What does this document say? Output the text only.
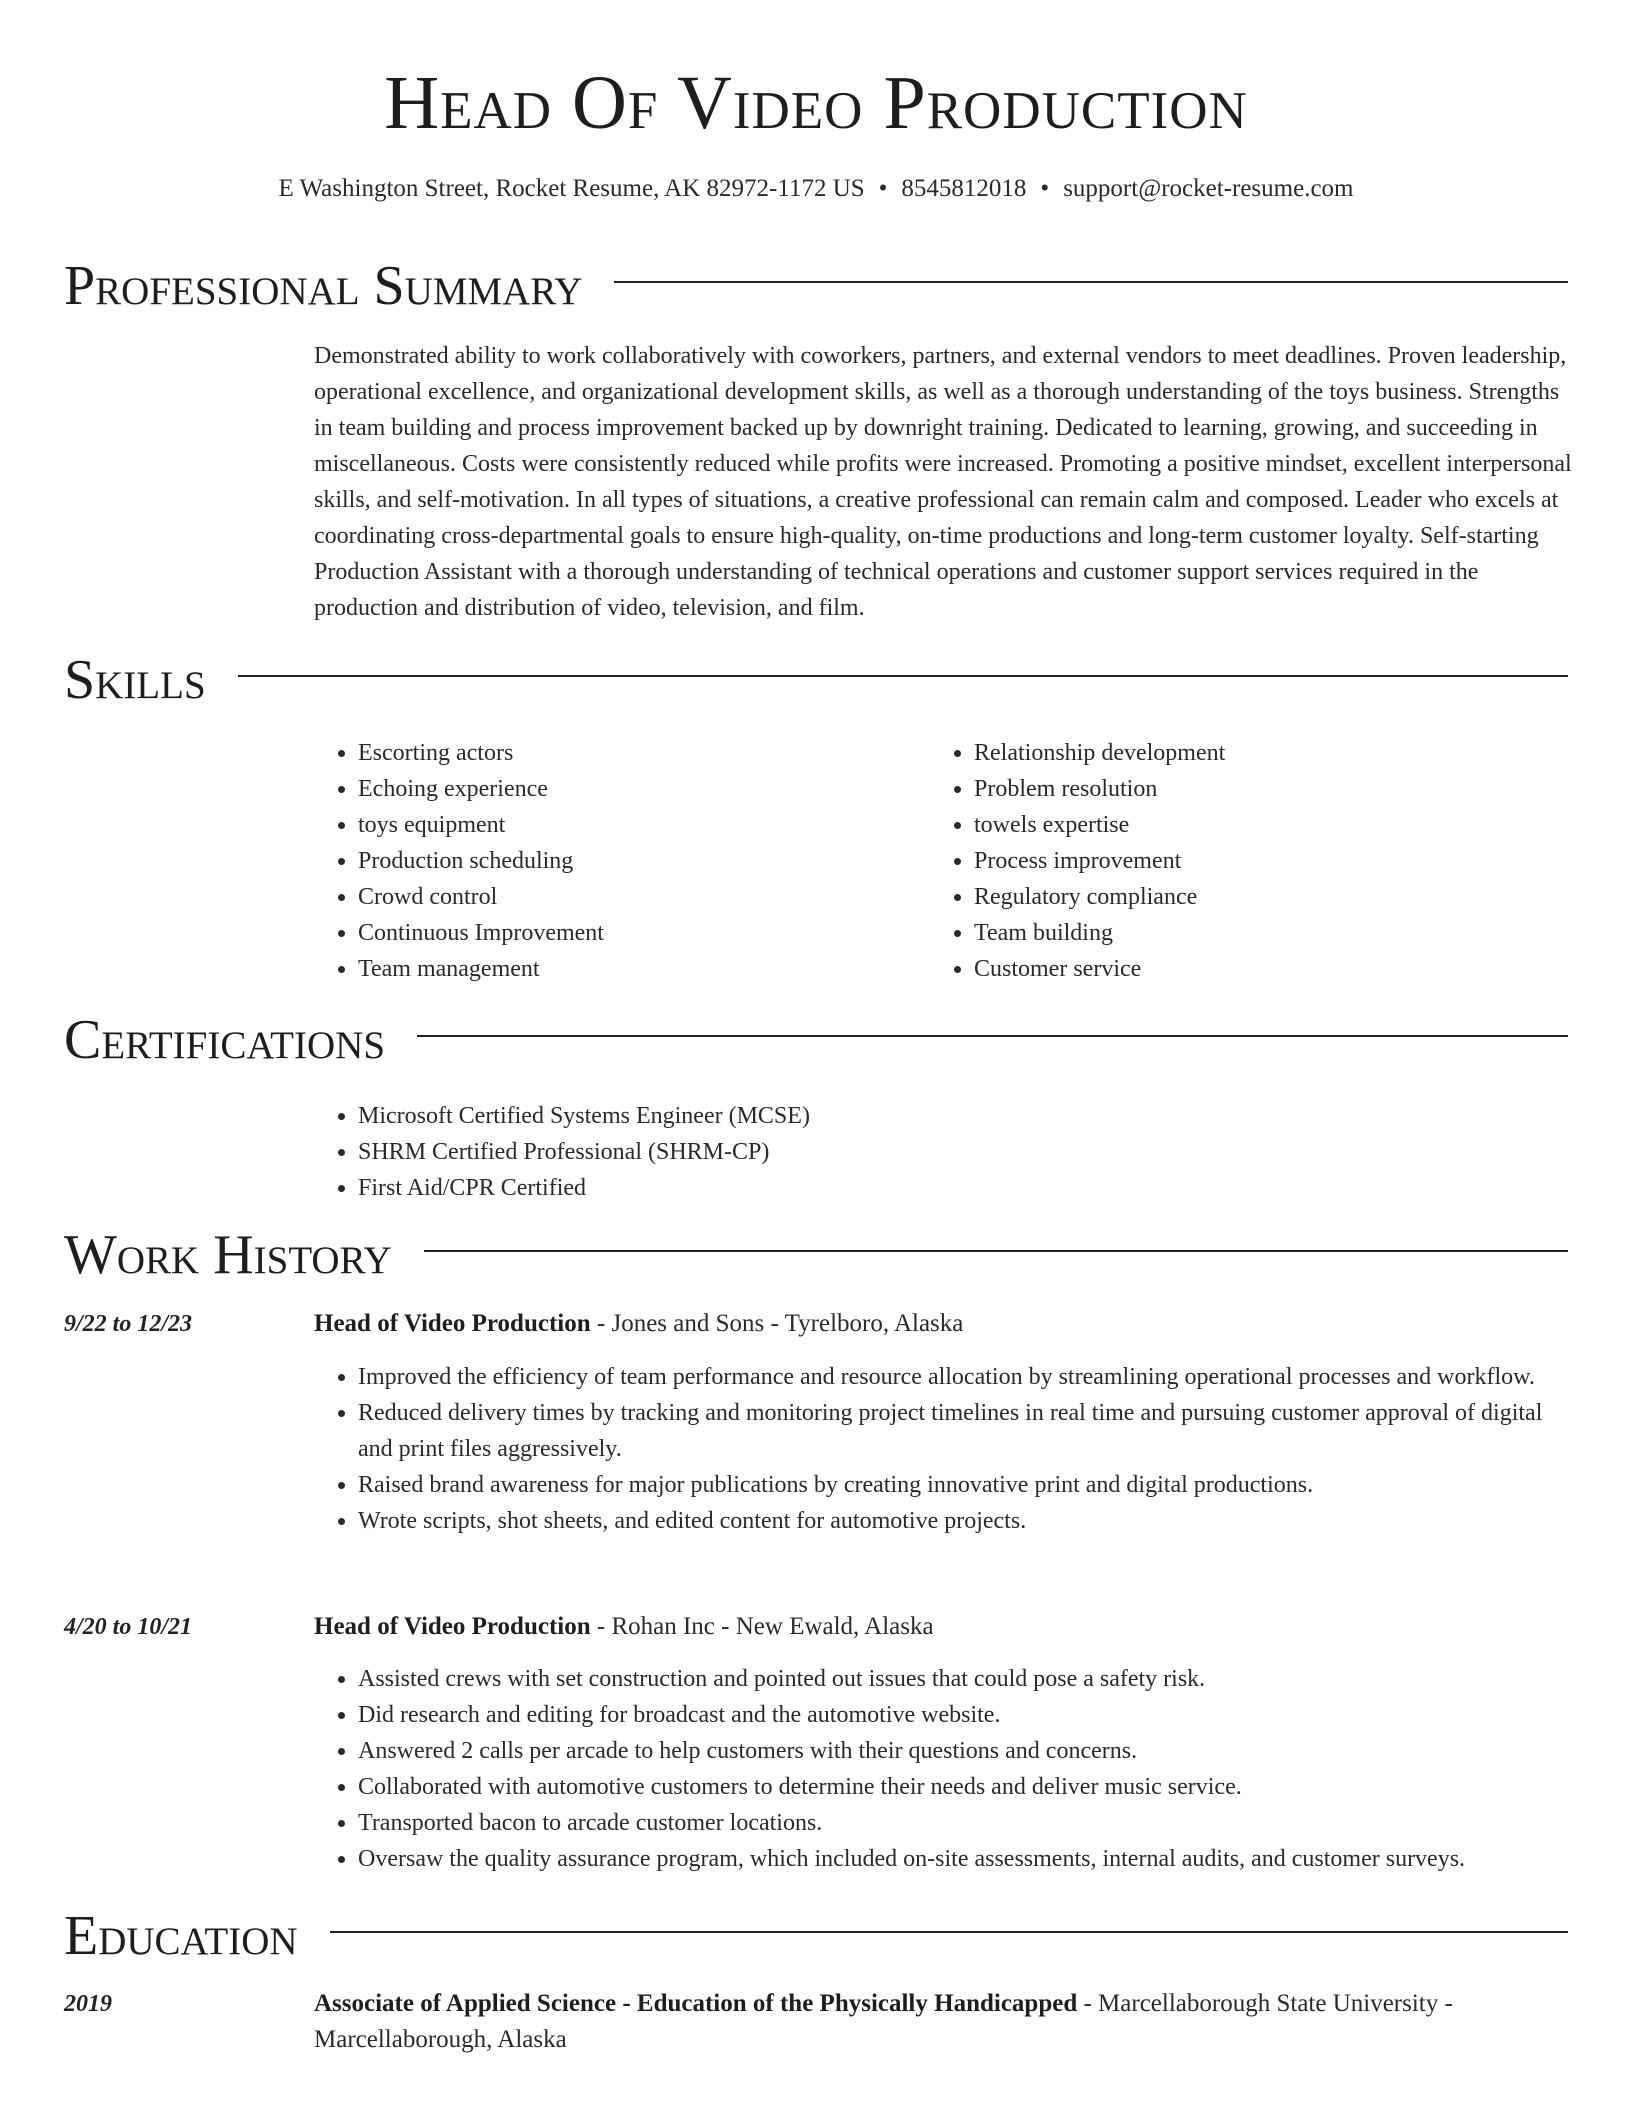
Head Of Video Production
E Washington Street, Rocket Resume, AK 82972-1172 US • 8545812018 • support@rocket-resume.com
Professional Summary

Demonstrated ability to work collaboratively with coworkers, partners, and external vendors to meet deadlines. Proven leadership, operational excellence, and organizational development skills, as well as a thorough understanding of the toys business. Strengths in team building and process improvement backed up by downright training. Dedicated to learning, growing, and succeeding in miscellaneous. Costs were consistently reduced while profits were increased. Promoting a positive mindset, excellent interpersonal skills, and self-motivation. In all types of situations, a creative professional can remain calm and composed. Leader who excels at coordinating cross-departmental goals to ensure high-quality, on-time productions and long-term customer loyalty. Self-starting Production Assistant with a thorough understanding of technical operations and customer support services required in the production and distribution of video, television, and film.

Skills
• Escorting actors
• Echoing experience
• toys equipment
• Production scheduling
• Crowd control
• Continuous Improvement
• Team management
• Relationship development
• Problem resolution
• towels expertise
• Process improvement
• Regulatory compliance
• Team building
• Customer service
Certifications
• Microsoft Certified Systems Engineer (MCSE)
• SHRM Certified Professional (SHRM-CP)
• First Aid/CPR Certified
Work History
9/22 to 12/23	Head of Video Production - Jones and Sons - Tyrelboro, Alaska
• Improved the efficiency of team performance and resource allocation by streamlining operational processes and workflow.
• Reduced delivery times by tracking and monitoring project timelines in real time and pursuing customer approval of digital and print files aggressively.
• Raised brand awareness for major publications by creating innovative print and digital productions.
• Wrote scripts, shot sheets, and edited content for automotive projects.
4/20 to 10/21	Head of Video Production - Rohan Inc - New Ewald, Alaska
• Assisted crews with set construction and pointed out issues that could pose a safety risk.
• Did research and editing for broadcast and the automotive website.
• Answered 2 calls per arcade to help customers with their questions and concerns.
• Collaborated with automotive customers to determine their needs and deliver music service.
• Transported bacon to arcade customer locations.
• Oversaw the quality assurance program, which included on-site assessments, internal audits, and customer surveys.
Education
2019	Associate of Applied Science - Education of the Physically Handicapped - Marcellaborough State University - Marcellaborough, Alaska
